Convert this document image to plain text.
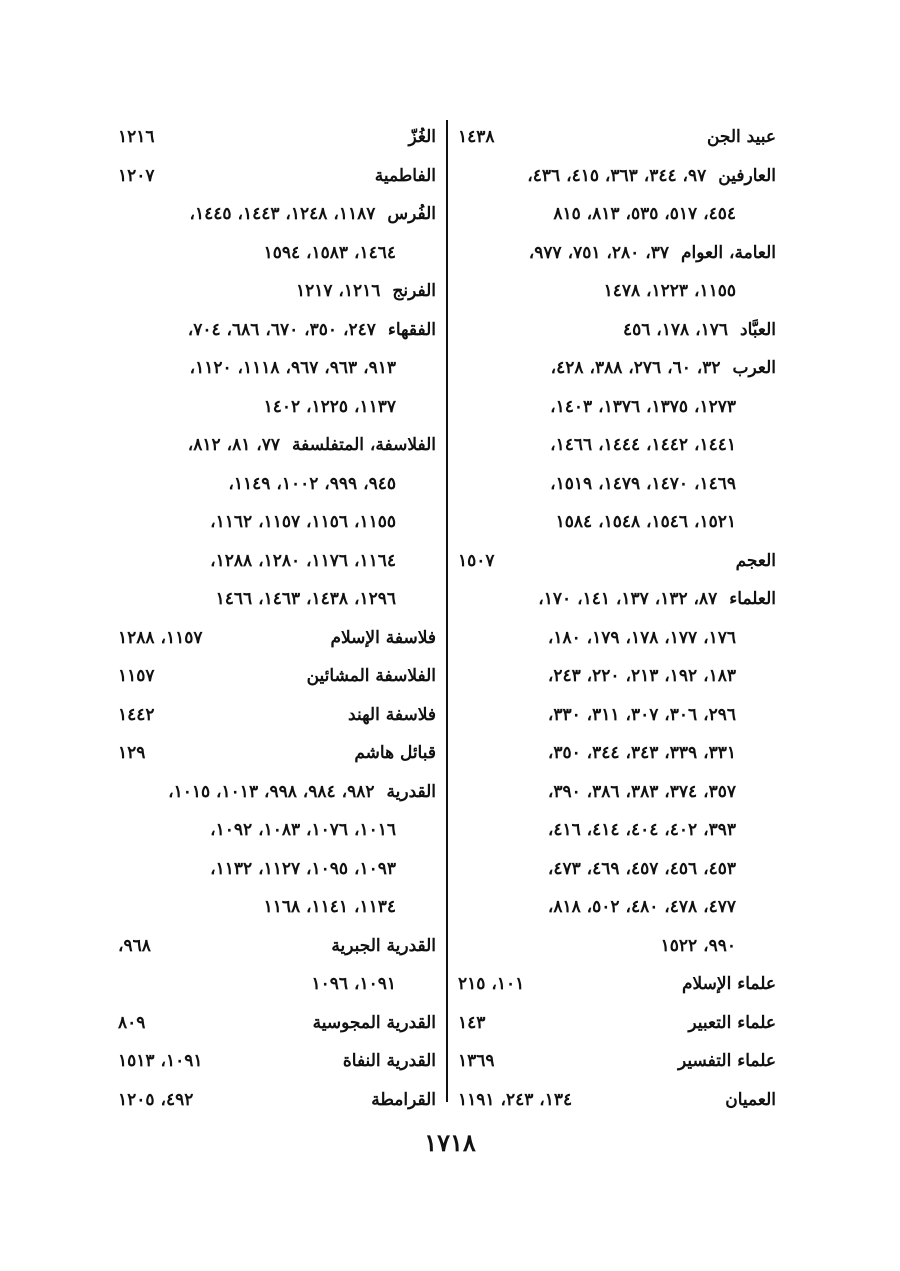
عبيد الجن
١٤٣٨
العارفين
٩٧، ٣٤٤، ٣٦٣، ٤١٥، ٤٣٦،
٤٥٤، ٥١٧، ٥٣٥، ٨١٣، ٨١٥
العامة، العوام
٣٧، ٢٨٠، ٧٥١، ٩٧٧،
١١٥٥، ١٢٢٣، ١٤٧٨
العبَّاد
١٧٦، ١٧٨، ٤٥٦
العرب
٣٢، ٦٠، ٢٧٦، ٣٨٨، ٤٢٨،
١٢٧٣، ١٣٧٥، ١٣٧٦، ١٤٠٣،
١٤٤١، ١٤٤٢، ١٤٤٤، ١٤٦٦،
١٤٦٩، ١٤٧٠، ١٤٧٩، ١٥١٩،
١٥٢١، ١٥٤٦، ١٥٤٨، ١٥٨٤
العجم
١٥٠٧
العلماء
٨٧، ١٣٢، ١٣٧، ١٤١، ١٧٠،
١٧٦، ١٧٧، ١٧٨، ١٧٩، ١٨٠،
١٨٣، ١٩٢، ٢١٣، ٢٢٠، ٢٤٣،
٢٩٦، ٣٠٦، ٣٠٧، ٣١١، ٣٣٠،
٣٣١، ٣٣٩، ٣٤٣، ٣٤٤، ٣٥٠،
٣٥٧، ٣٧٤، ٣٨٣، ٣٨٦، ٣٩٠،
٣٩٣، ٤٠٢، ٤٠٤، ٤١٤، ٤١٦،
٤٥٣، ٤٥٦، ٤٥٧، ٤٦٩، ٤٧٣،
٤٧٧، ٤٧٨، ٤٨٠، ٥٠٢، ٨١٨،
٩٩٠، ١٥٢٢
علماء الإسلام
١٠١، ٢١٥
علماء التعبير
١٤٣
علماء التفسير
١٣٦٩
العميان
١٣٤، ٢٤٣، ١١٩١
الغُزّ
١٢١٦
الفاطمية
١٢٠٧
الفُرس
١١٨٧، ١٢٤٨، ١٤٤٣، ١٤٤٥،
١٤٦٤، ١٥٨٣، ١٥٩٤
الفرنج
١٢١٦، ١٢١٧
الفقهاء
٢٤٧، ٣٥٠، ٦٧٠، ٦٨٦، ٧٠٤،
٩١٣، ٩٦٣، ٩٦٧، ١١١٨، ١١٢٠،
١١٣٧، ١٢٢٥، ١٤٠٢
الفلاسفة، المتفلسفة
٧٧، ٨١، ٨١٢،
٩٤٥، ٩٩٩، ١٠٠٢، ١١٤٩،
١١٥٥، ١١٥٦، ١١٥٧، ١١٦٢،
١١٦٤، ١١٧٦، ١٢٨٠، ١٢٨٨،
١٢٩٦، ١٤٣٨، ١٤٦٣، ١٤٦٦
فلاسفة الإسلام
١١٥٧، ١٢٨٨
الفلاسفة المشائين
١١٥٧
فلاسفة الهند
١٤٤٢
قبائل هاشم
١٢٩
القدرية
٩٨٢، ٩٨٤، ٩٩٨، ١٠١٣، ١٠١٥،
١٠١٦، ١٠٧٦، ١٠٨٣، ١٠٩٢،
١٠٩٣، ١٠٩٥، ١١٢٧، ١١٣٢،
١١٣٤، ١١٤١، ١١٦٨
القدرية الجبرية
٩٦٨،
١٠٩١، ١٠٩٦
القدرية المجوسية
٨٠٩
القدرية النفاة
١٠٩١، ١٥١٣
القرامطة
٤٩٢، ١٢٠٥
١٧١٨
